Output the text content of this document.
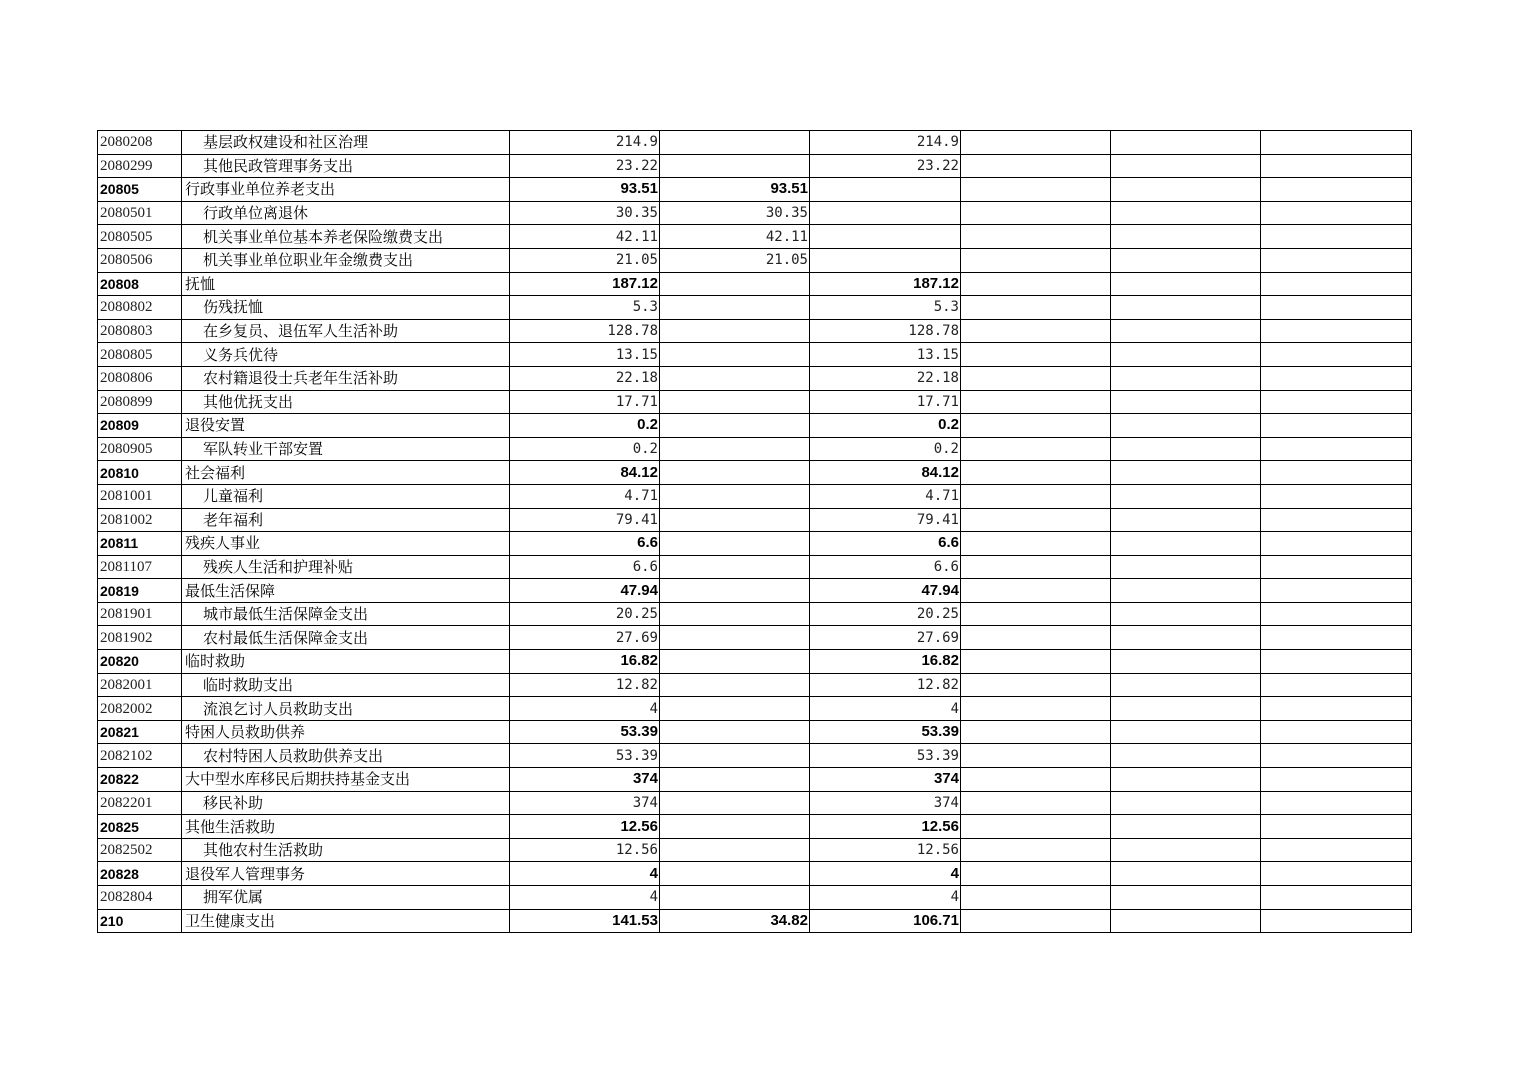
2080208	基层政权建设和社区治理	214.9		214.9			
2080299	其他民政管理事务支出	23.22		23.22			
20805	行政事业单位养老支出	93.51	93.51				
2080501	行政单位离退休	30.35	30.35				
2080505	机关事业单位基本养老保险缴费支出	42.11	42.11				
2080506	机关事业单位职业年金缴费支出	21.05	21.05				
20808	抚恤	187.12		187.12			
2080802	伤残抚恤	5.3		5.3			
2080803	在乡复员、退伍军人生活补助	128.78		128.78			
2080805	义务兵优待	13.15		13.15			
2080806	农村籍退役士兵老年生活补助	22.18		22.18			
2080899	其他优抚支出	17.71		17.71			
20809	退役安置	0.2		0.2			
2080905	军队转业干部安置	0.2		0.2			
20810	社会福利	84.12		84.12			
2081001	儿童福利	4.71		4.71			
2081002	老年福利	79.41		79.41			
20811	残疾人事业	6.6		6.6			
2081107	残疾人生活和护理补贴	6.6		6.6			
20819	最低生活保障	47.94		47.94			
2081901	城市最低生活保障金支出	20.25		20.25			
2081902	农村最低生活保障金支出	27.69		27.69			
20820	临时救助	16.82		16.82			
2082001	临时救助支出	12.82		12.82			
2082002	流浪乞讨人员救助支出	4		4			
20821	特困人员救助供养	53.39		53.39			
2082102	农村特困人员救助供养支出	53.39		53.39			
20822	大中型水库移民后期扶持基金支出	374		374			
2082201	移民补助	374		374			
20825	其他生活救助	12.56		12.56			
2082502	其他农村生活救助	12.56		12.56			
20828	退役军人管理事务	4		4			
2082804	拥军优属	4		4			
210	卫生健康支出	141.53	34.82	106.71			
